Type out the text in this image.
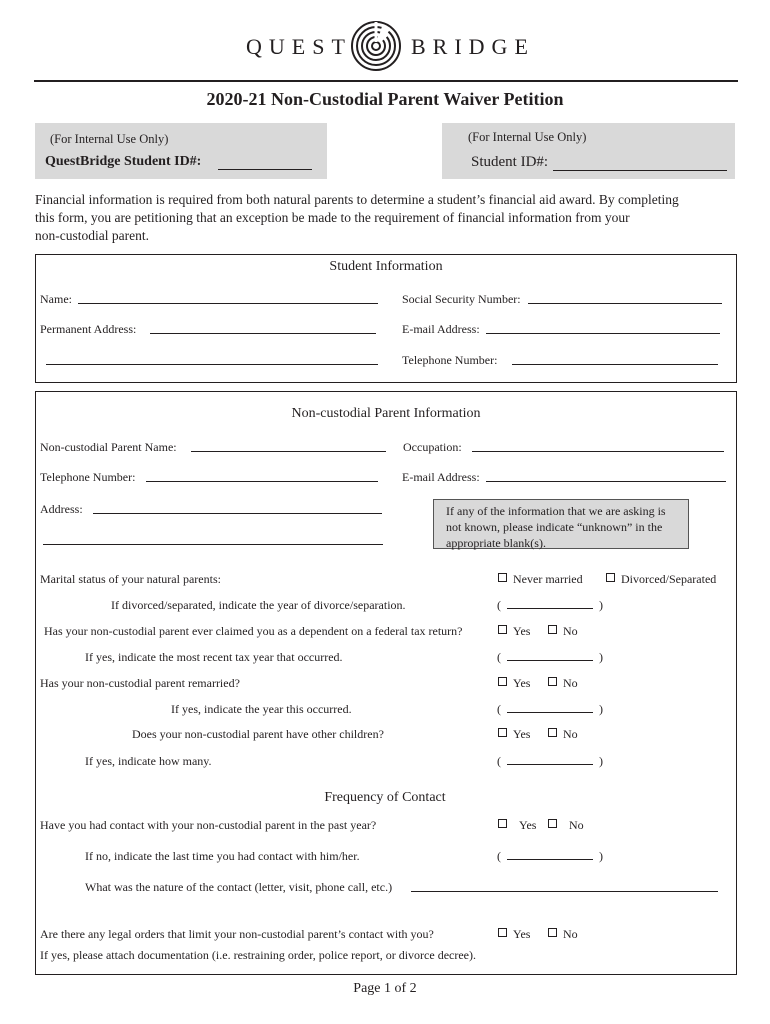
QUEST	BRIDGE
2020-21 Non-Custodial Parent Waiver Petition
(For Internal Use Only)
QuestBridge Student ID#:
(For Internal Use Only)
Student ID#:
Financial information is required from both natural parents to determine a student’s financial aid award. By completing
this form, you are petitioning that an exception be made to the requirement of financial information from your
non-custodial parent.
Student Information
Name:	Social Security Number:
Permanent Address:	E-mail Address:
Telephone Number:
Non-custodial Parent Information
Non-custodial Parent Name:	Occupation:
Telephone Number:	E-mail Address:
Address:	If any of the information that we are asking is
not known, please indicate “unknown” in the
appropriate blank(s).
Marital status of your natural parents:	Never married	Divorced/Separated
If divorced/separated, indicate the year of divorce/separation.	(	)
Has your non-custodial parent ever claimed you as a dependent on a federal tax return?	Yes	No
If yes, indicate the most recent tax year that occurred.	(	)
Has your non-custodial parent remarried?	Yes	No
If yes, indicate the year this occurred.	(	)
Does your non-custodial parent have other children?	Yes	No
If yes, indicate how many.	(	)
Frequency of Contact
Have you had contact with your non-custodial parent in the past year?	Yes	No
If no, indicate the last time you had contact with him/her.	(	)
What was the nature of the contact (letter, visit, phone call, etc.)
Are there any legal orders that limit your non-custodial parent’s contact with you?	Yes	No
If yes, please attach documentation (i.e. restraining order, police report, or divorce decree).
Page 1 of 2
